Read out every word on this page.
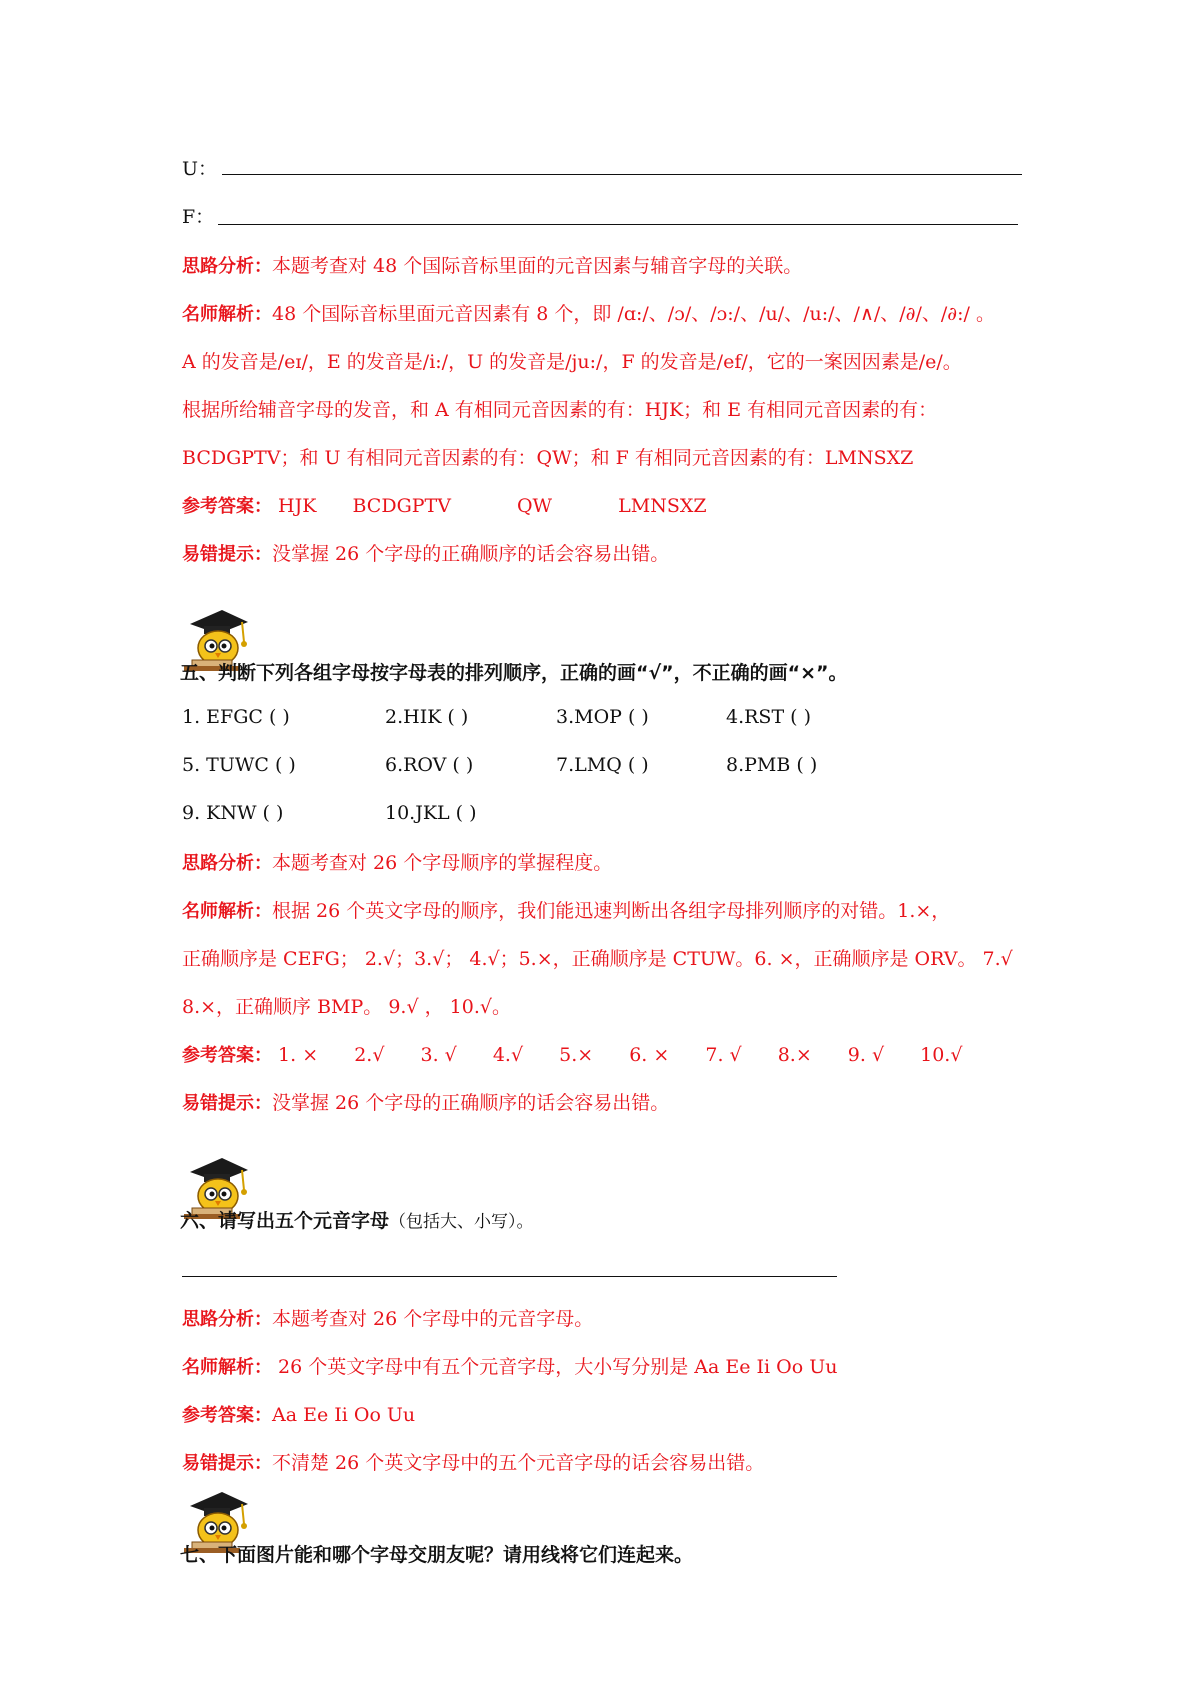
U：
F：
思路分析：本题考查对 48 个国际音标里面的元音因素与辅音字母的关联。
名师解析：48 个国际音标里面元音因素有 8 个，即 /ɑ:/、/ɔ/、/ɔ:/、/u/、/u:/、/∧/、/∂/、/∂:/ 。
A 的发音是/eɪ/，E 的发音是/i:/，U 的发音是/ju:/，F 的发音是/ef/，它的一案因因素是/e/。
根据所给辅音字母的发音，和 A 有相同元音因素的有：HJK；和 E 有相同元音因素的有：
BCDGPTV；和 U 有相同元音因素的有：QW；和 F 有相同元音因素的有：LMNSXZ
参考答案： HJK BCDGPTV	QW	LMNSXZ
易错提示：没掌握 26 个字母的正确顺序的话会容易出错。
五、判断下列各组字母按字母表的排列顺序，正确的画“√”，不正确的画“×”。
1. EFGC ( )	2.HIK ( )	3.MOP ( )	4.RST ( )
5. TUWC ( )	6.ROV ( )	7.LMQ ( )	8.PMB ( )
9. KNW ( )	10.JKL ( )
思路分析：本题考查对 26 个字母顺序的掌握程度。
名师解析：根据 26 个英文字母的顺序，我们能迅速判断出各组字母排列顺序的对错。1.×，
正确顺序是 CEFG； 2.√；3.√； 4.√；5.×，正确顺序是 CTUW。6. ×，正确顺序是 ORV。 7.√
8.×，正确顺序 BMP。 9.√ ， 10.√。
参考答案： 1. × 2.√ 3. √ 4.√ 5.× 6. × 7. √ 8.× 9. √ 10.√
易错提示：没掌握 26 个字母的正确顺序的话会容易出错。
六、请写出五个元音字母（包括大、小写）。
思路分析：本题考查对 26 个字母中的元音字母。
名师解析： 26 个英文字母中有五个元音字母，大小写分别是 Aa Ee Ii Oo Uu
参考答案：Aa Ee Ii Oo Uu
易错提示：不清楚 26 个英文字母中的五个元音字母的话会容易出错。
七、下面图片能和哪个字母交朋友呢？请用线将它们连起来。
